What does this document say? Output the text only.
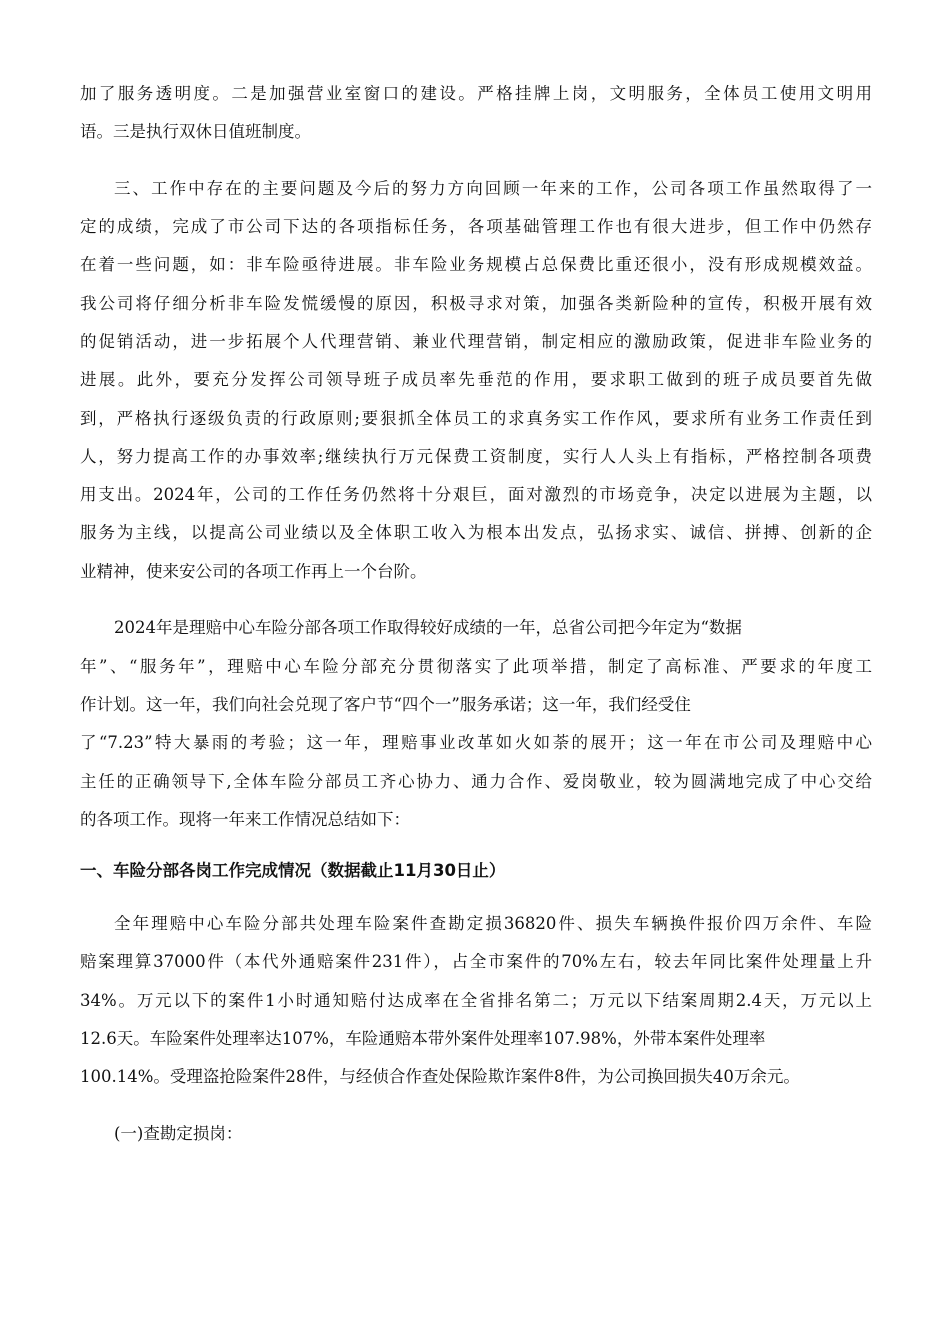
加了服务透明度。二是加强营业室窗口的建设。严格挂牌上岗，文明服务，全体员工使用文明用
语。三是执行双休日值班制度。
三、工作中存在的主要问题及今后的努力方向回顾一年来的工作，公司各项工作虽然取得了一
定的成绩，完成了市公司下达的各项指标任务，各项基础管理工作也有很大进步，但工作中仍然存
在着一些问题，如：非车险亟待进展。非车险业务规模占总保费比重还很小，没有形成规模效益。
我公司将仔细分析非车险发慌缓慢的原因，积极寻求对策，加强各类新险种的宣传，积极开展有效
的促销活动，进一步拓展个人代理营销、兼业代理营销，制定相应的激励政策，促进非车险业务的
进展。此外，要充分发挥公司领导班子成员率先垂范的作用，要求职工做到的班子成员要首先做
到，严格执行逐级负责的行政原则;要狠抓全体员工的求真务实工作作风，要求所有业务工作责任到
人，努力提高工作的办事效率;继续执行万元保费工资制度，实行人人头上有指标，严格控制各项费
用支出。2024年，公司的工作任务仍然将十分艰巨，面对激烈的市场竞争，决定以进展为主题，以
服务为主线，以提高公司业绩以及全体职工收入为根本出发点，弘扬求实、诚信、拼搏、创新的企
业精神，使来安公司的各项工作再上一个台阶。
2024年是理赔中心车险分部各项工作取得较好成绩的一年，总省公司把今年定为“数据
年”、“服务年”，理赔中心车险分部充分贯彻落实了此项举措，制定了高标准、严要求的年度工
作计划。这一年，我们向社会兑现了客户节“四个一”服务承诺；这一年，我们经受住
了“7.23”特大暴雨的考验；这一年，理赔事业改革如火如荼的展开；这一年在市公司及理赔中心
主任的正确领导下,全体车险分部员工齐心协力、通力合作、爱岗敬业，较为圆满地完成了中心交给
的各项工作。现将一年来工作情况总结如下：
一、车险分部各岗工作完成情况（数据截止11月30日止）
全年理赔中心车险分部共处理车险案件查勘定损36820件、损失车辆换件报价四万余件、车险
赔案理算37000件（本代外通赔案件231件），占全市案件的70%左右，较去年同比案件处理量上升
34%。万元以下的案件1小时通知赔付达成率在全省排名第二；万元以下结案周期2.4天，万元以上
12.6天。车险案件处理率达107%，车险通赔本带外案件处理率107.98%，外带本案件处理率
100.14%。受理盗抢险案件28件，与经侦合作查处保险欺诈案件8件，为公司换回损失40万余元。
(一)查勘定损岗：
